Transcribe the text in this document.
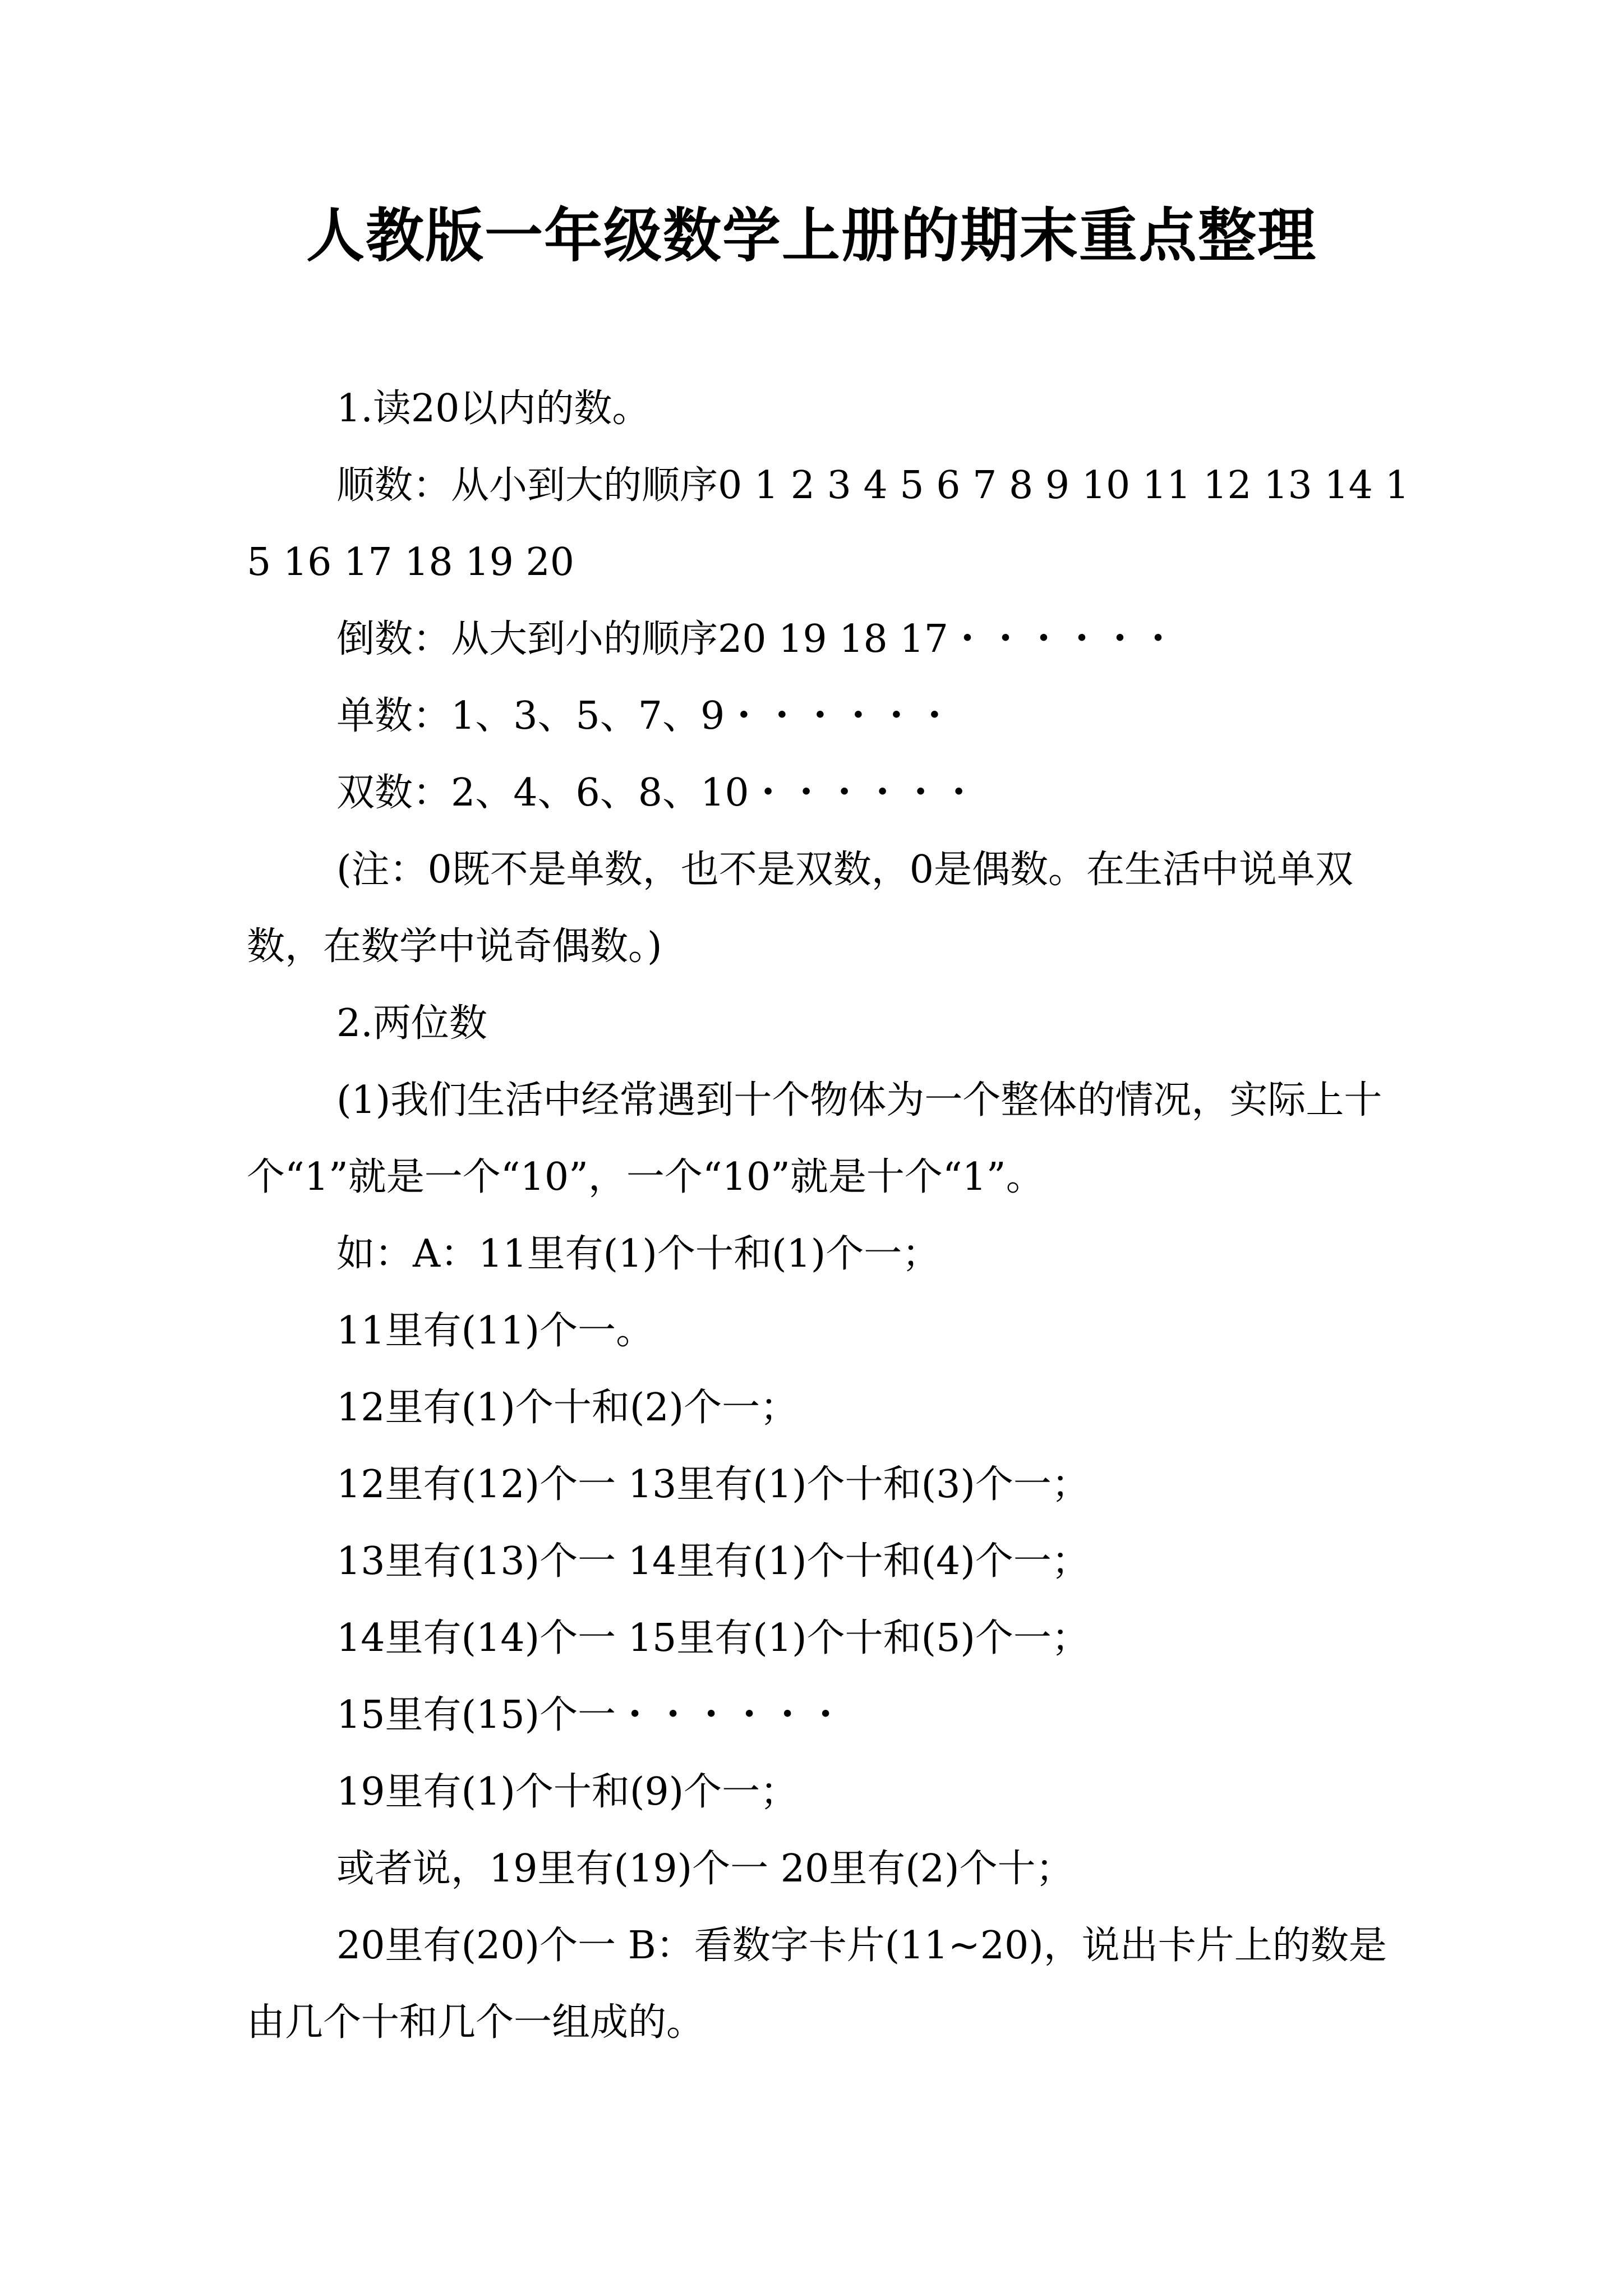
人教版一年级数学上册的期末重点整理

1.读20以内的数。

顺数：从小到大的顺序0 1 2 3 4 5 6 7 8 9 10 11 12 13 14 15 16 17 18 19 20

倒数：从大到小的顺序20 19 18 17・・・・・・

单数：1、3、5、7、9・・・・・・

双数：2、4、6、8、10・・・・・・

(注：0既不是单数，也不是双数，0是偶数。在生活中说单双数，在数学中说奇偶数。)

2.两位数

(1)我们生活中经常遇到十个物体为一个整体的情况，实际上十个“1”就是一个“10”，一个“10”就是十个“1”。

如：A：11里有(1)个十和(1)个一；

11里有(11)个一。

12里有(1)个十和(2)个一；

12里有(12)个一 13里有(1)个十和(3)个一；

13里有(13)个一 14里有(1)个十和(4)个一；

14里有(14)个一 15里有(1)个十和(5)个一；

15里有(15)个一・・・・・・

19里有(1)个十和(9)个一；

或者说，19里有(19)个一 20里有(2)个十；

20里有(20)个一 B：看数字卡片(11~20)，说出卡片上的数是由几个十和几个一组成的。
